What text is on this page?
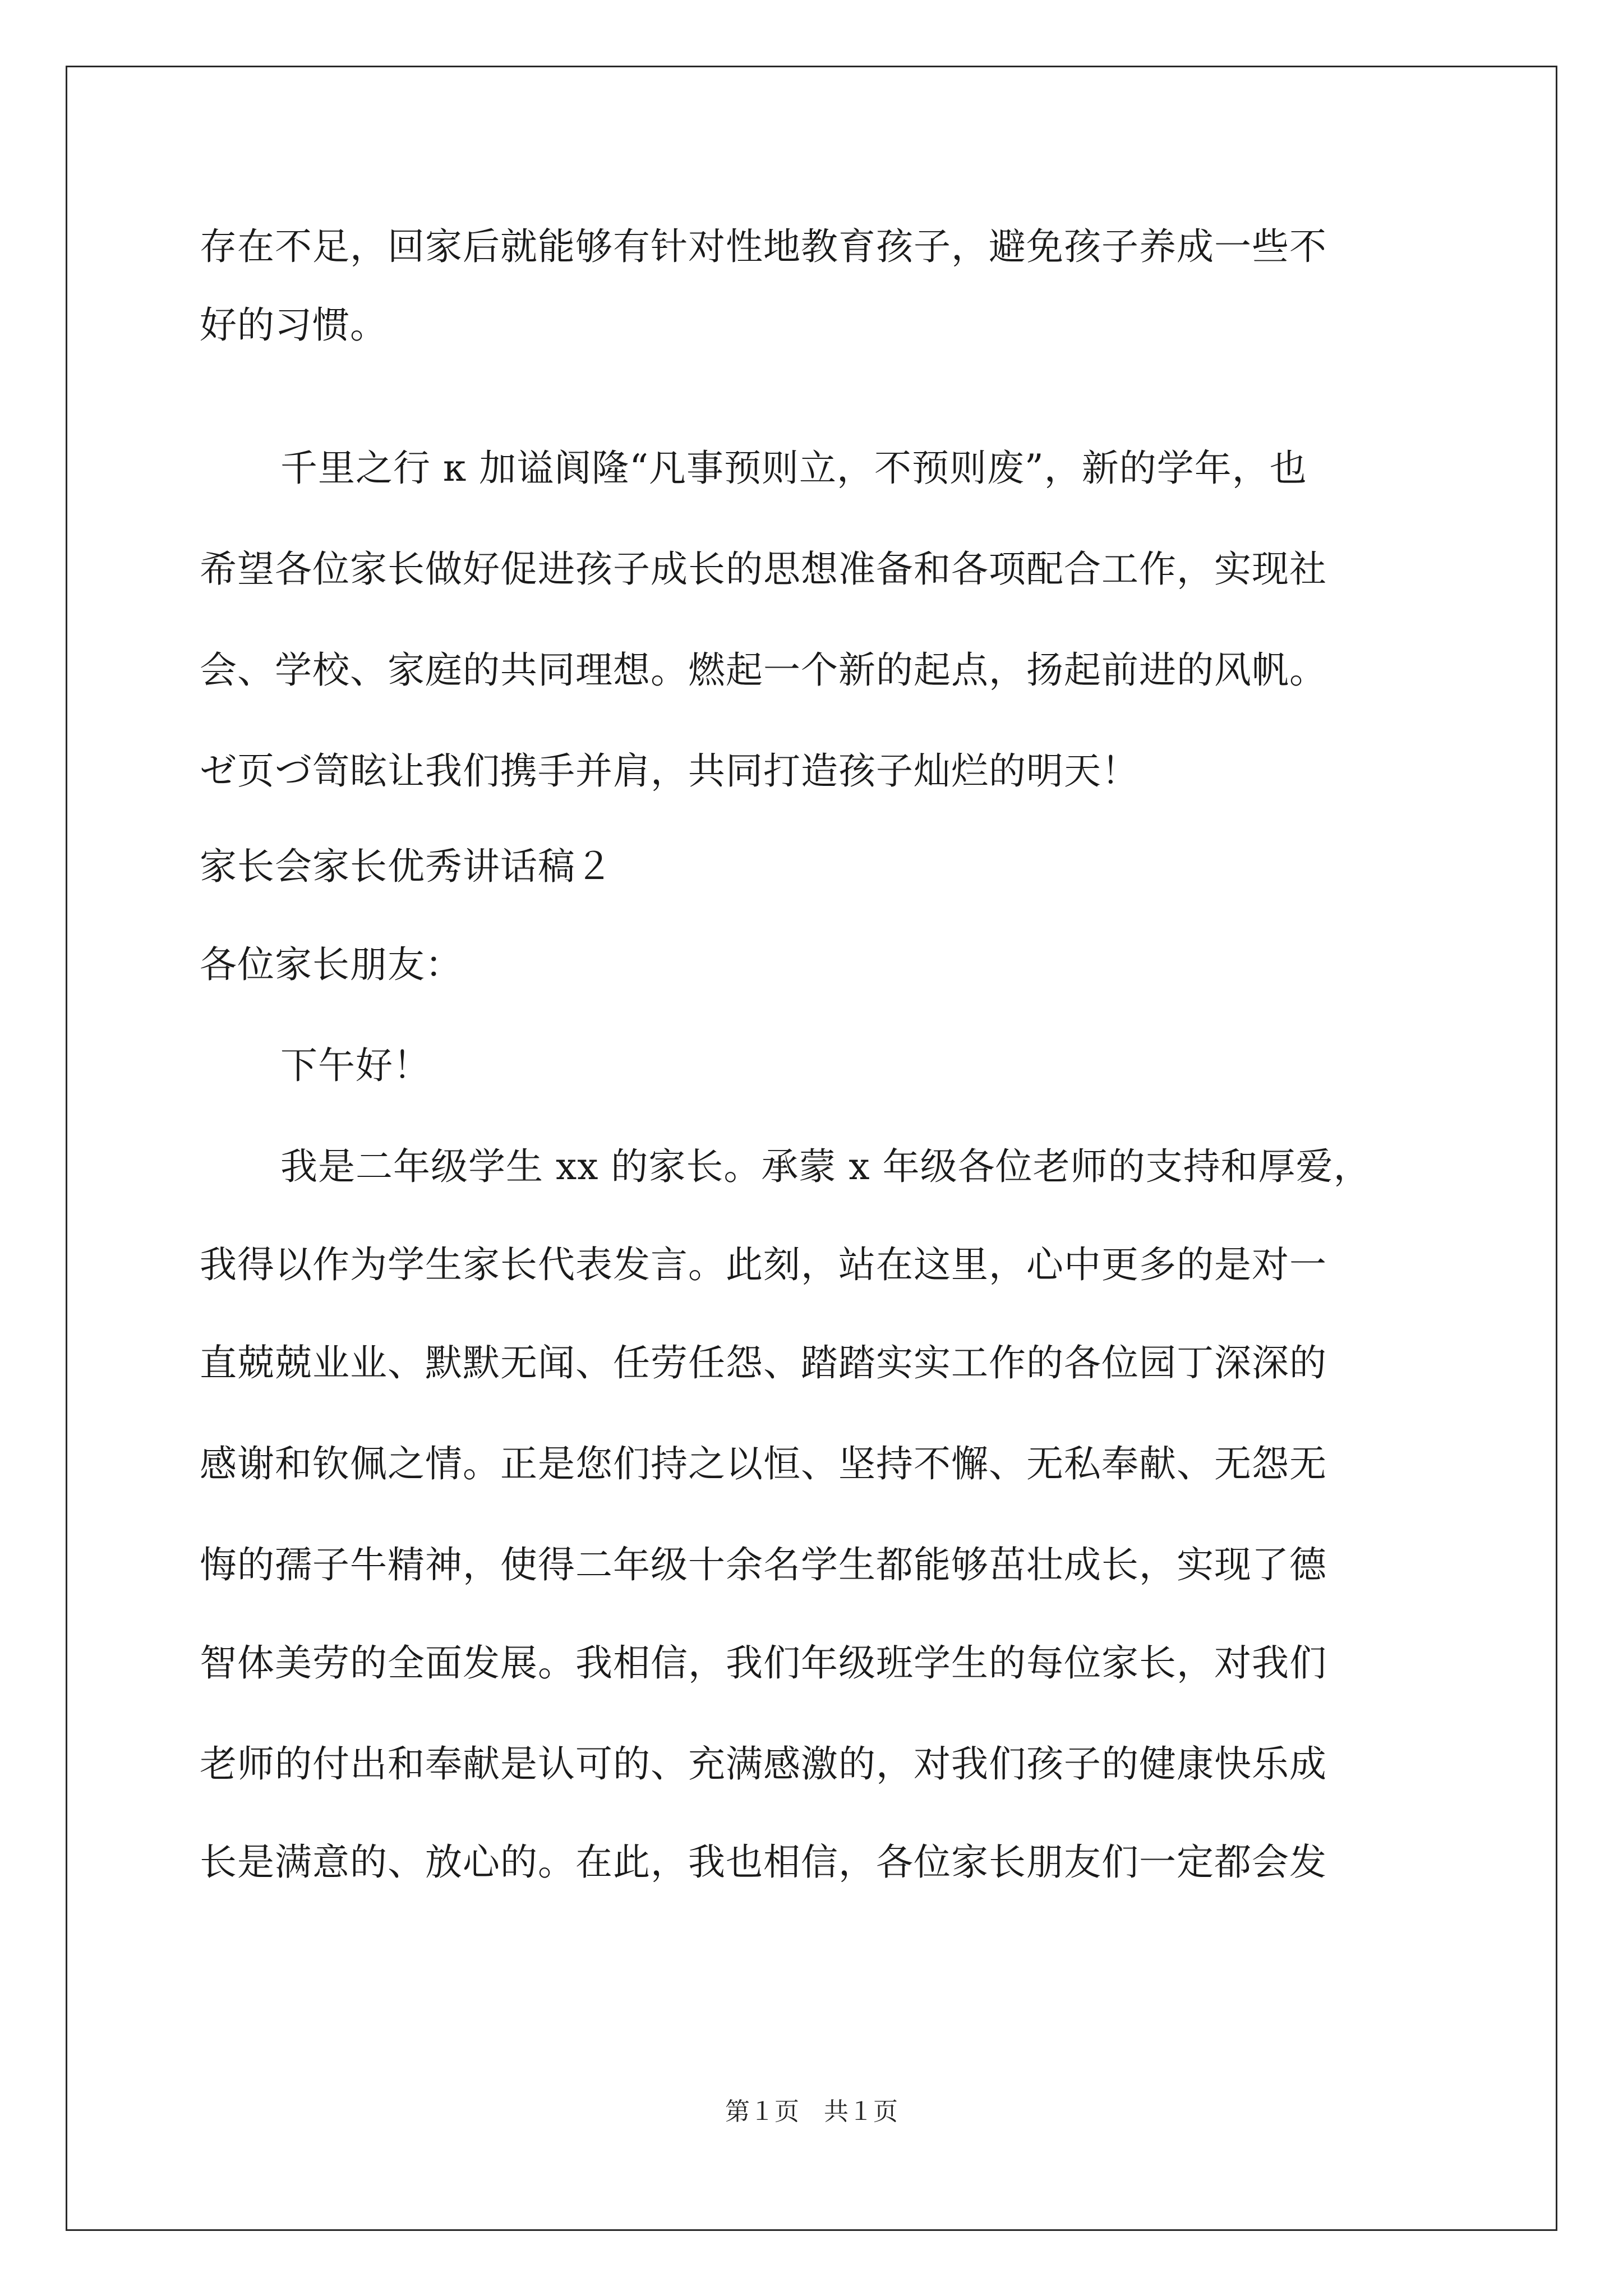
存在不足，回家后就能够有针对性地教育孩子，避免孩子养成一些不
好的习惯。
千里之行 к 加谥阆隆“凡事预则立，不预则废”，新的学年，也
希望各位家长做好促进孩子成长的思想准备和各项配合工作，实现社
会、学校、家庭的共同理想。燃起一个新的起点，扬起前进的风帆。
ゼ页づ笥眩让我们携手并肩，共同打造孩子灿烂的明天！
家长会家长优秀讲话稿２
各位家长朋友：
下午好！
我是二年级学生 xx 的家长。承蒙 x 年级各位老师的支持和厚爱，
我得以作为学生家长代表发言。此刻，站在这里，心中更多的是对一
直兢兢业业、默默无闻、任劳任怨、踏踏实实工作的各位园丁深深的
感谢和钦佩之情。正是您们持之以恒、坚持不懈、无私奉献、无怨无
悔的孺子牛精神，使得二年级十余名学生都能够茁壮成长，实现了德
智体美劳的全面发展。我相信，我们年级班学生的每位家长，对我们
老师的付出和奉献是认可的、充满感激的，对我们孩子的健康快乐成
长是满意的、放心的。在此，我也相信，各位家长朋友们一定都会发
第１页 共１页
